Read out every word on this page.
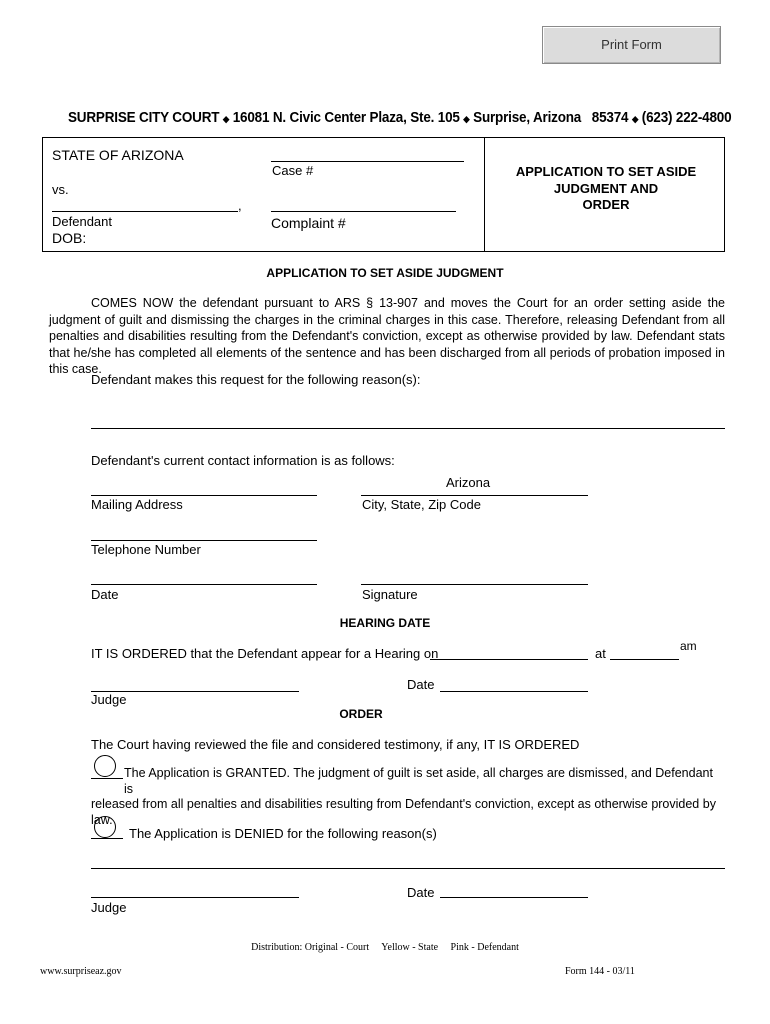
Print Form
SURPRISE CITY COURT ◆ 16081 N. Civic Center Plaza, Ste. 105 ◆ Surprise, Arizona   85374 ◆ (623) 222-4800
STATE OF ARIZONA
vs.
,
Defendant
DOB:
Case #
Complaint #
APPLICATION TO SET ASIDE
JUDGMENT AND
ORDER
APPLICATION TO SET ASIDE JUDGMENT
COMES NOW the defendant pursuant to ARS § 13-907 and moves the Court for an order setting aside the judgment of guilt and dismissing the charges in the criminal charges in this case. Therefore, releasing Defendant from all penalties and disabilities resulting from the Defendant's conviction, except as otherwise provided by law. Defendant stats that he/she has completed all elements of the sentence and has been discharged from all periods of probation imposed in this case.
Defendant makes this request for the following reason(s):
Defendant's current contact information is as follows:
Arizona
Mailing Address	City, State, Zip Code
Telephone Number
Date	Signature
HEARING DATE
IT IS ORDERED that the Defendant appear for a Hearing on	at	am
Date
Judge
ORDER
The Court having reviewed the file and considered testimony, if any, IT IS ORDERED
The Application is GRANTED. The judgment of guilt is set aside, all charges are dismissed, and Defendant is
released from all penalties and disabilities resulting from Defendant's conviction, except as otherwise provided by
law.
The Application is DENIED for the following reason(s)
Date
Judge
Distribution: Original - Court     Yellow - State     Pink - Defendant
www.surpriseaz.gov	Form 144 - 03/11
